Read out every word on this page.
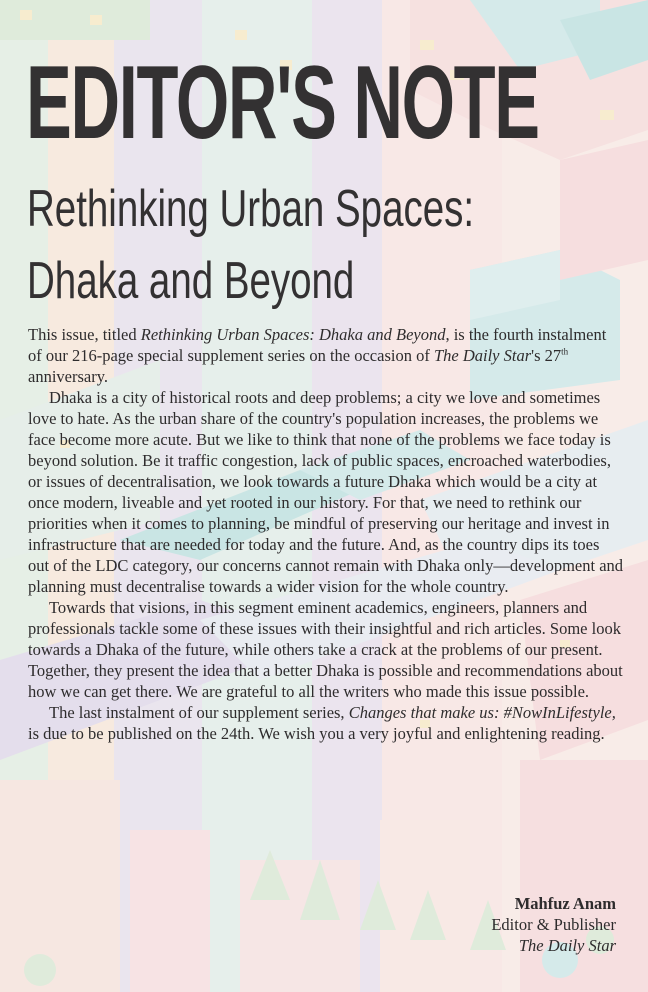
EDITOR'S NOTE
Rethinking Urban Spaces:
Dhaka and Beyond

This issue, titled Rethinking Urban Spaces: Dhaka and Beyond, is the fourth instalment of our 216-page special supplement series on the occasion of The Daily Star's 27th anniversary.

Dhaka is a city of historical roots and deep problems; a city we love and sometimes love to hate. As the urban share of the country's population increases, the problems we face become more acute. But we like to think that none of the problems we face today is beyond solution. Be it traffic congestion, lack of public spaces, encroached waterbodies, or issues of decentralisation, we look towards a future Dhaka which would be a city at once modern, liveable and yet rooted in our history. For that, we need to rethink our priorities when it comes to planning, be mindful of preserving our heritage and invest in infrastructure that are needed for today and the future. And, as the country dips its toes out of the LDC category, our concerns cannot remain with Dhaka only—development and planning must decentralise towards a wider vision for the whole country.

Towards that visions, in this segment eminent academics, engineers, planners and professionals tackle some of these issues with their insightful and rich articles. Some look towards a Dhaka of the future, while others take a crack at the problems of our present. Together, they present the idea that a better Dhaka is possible and recommendations about how we can get there. We are grateful to all the writers who made this issue possible.

The last instalment of our supplement series, Changes that make us: #NowInLifestyle, is due to be published on the 24th. We wish you a very joyful and enlightening reading.

Mahfuz Anam
Editor & Publisher
The Daily Star
